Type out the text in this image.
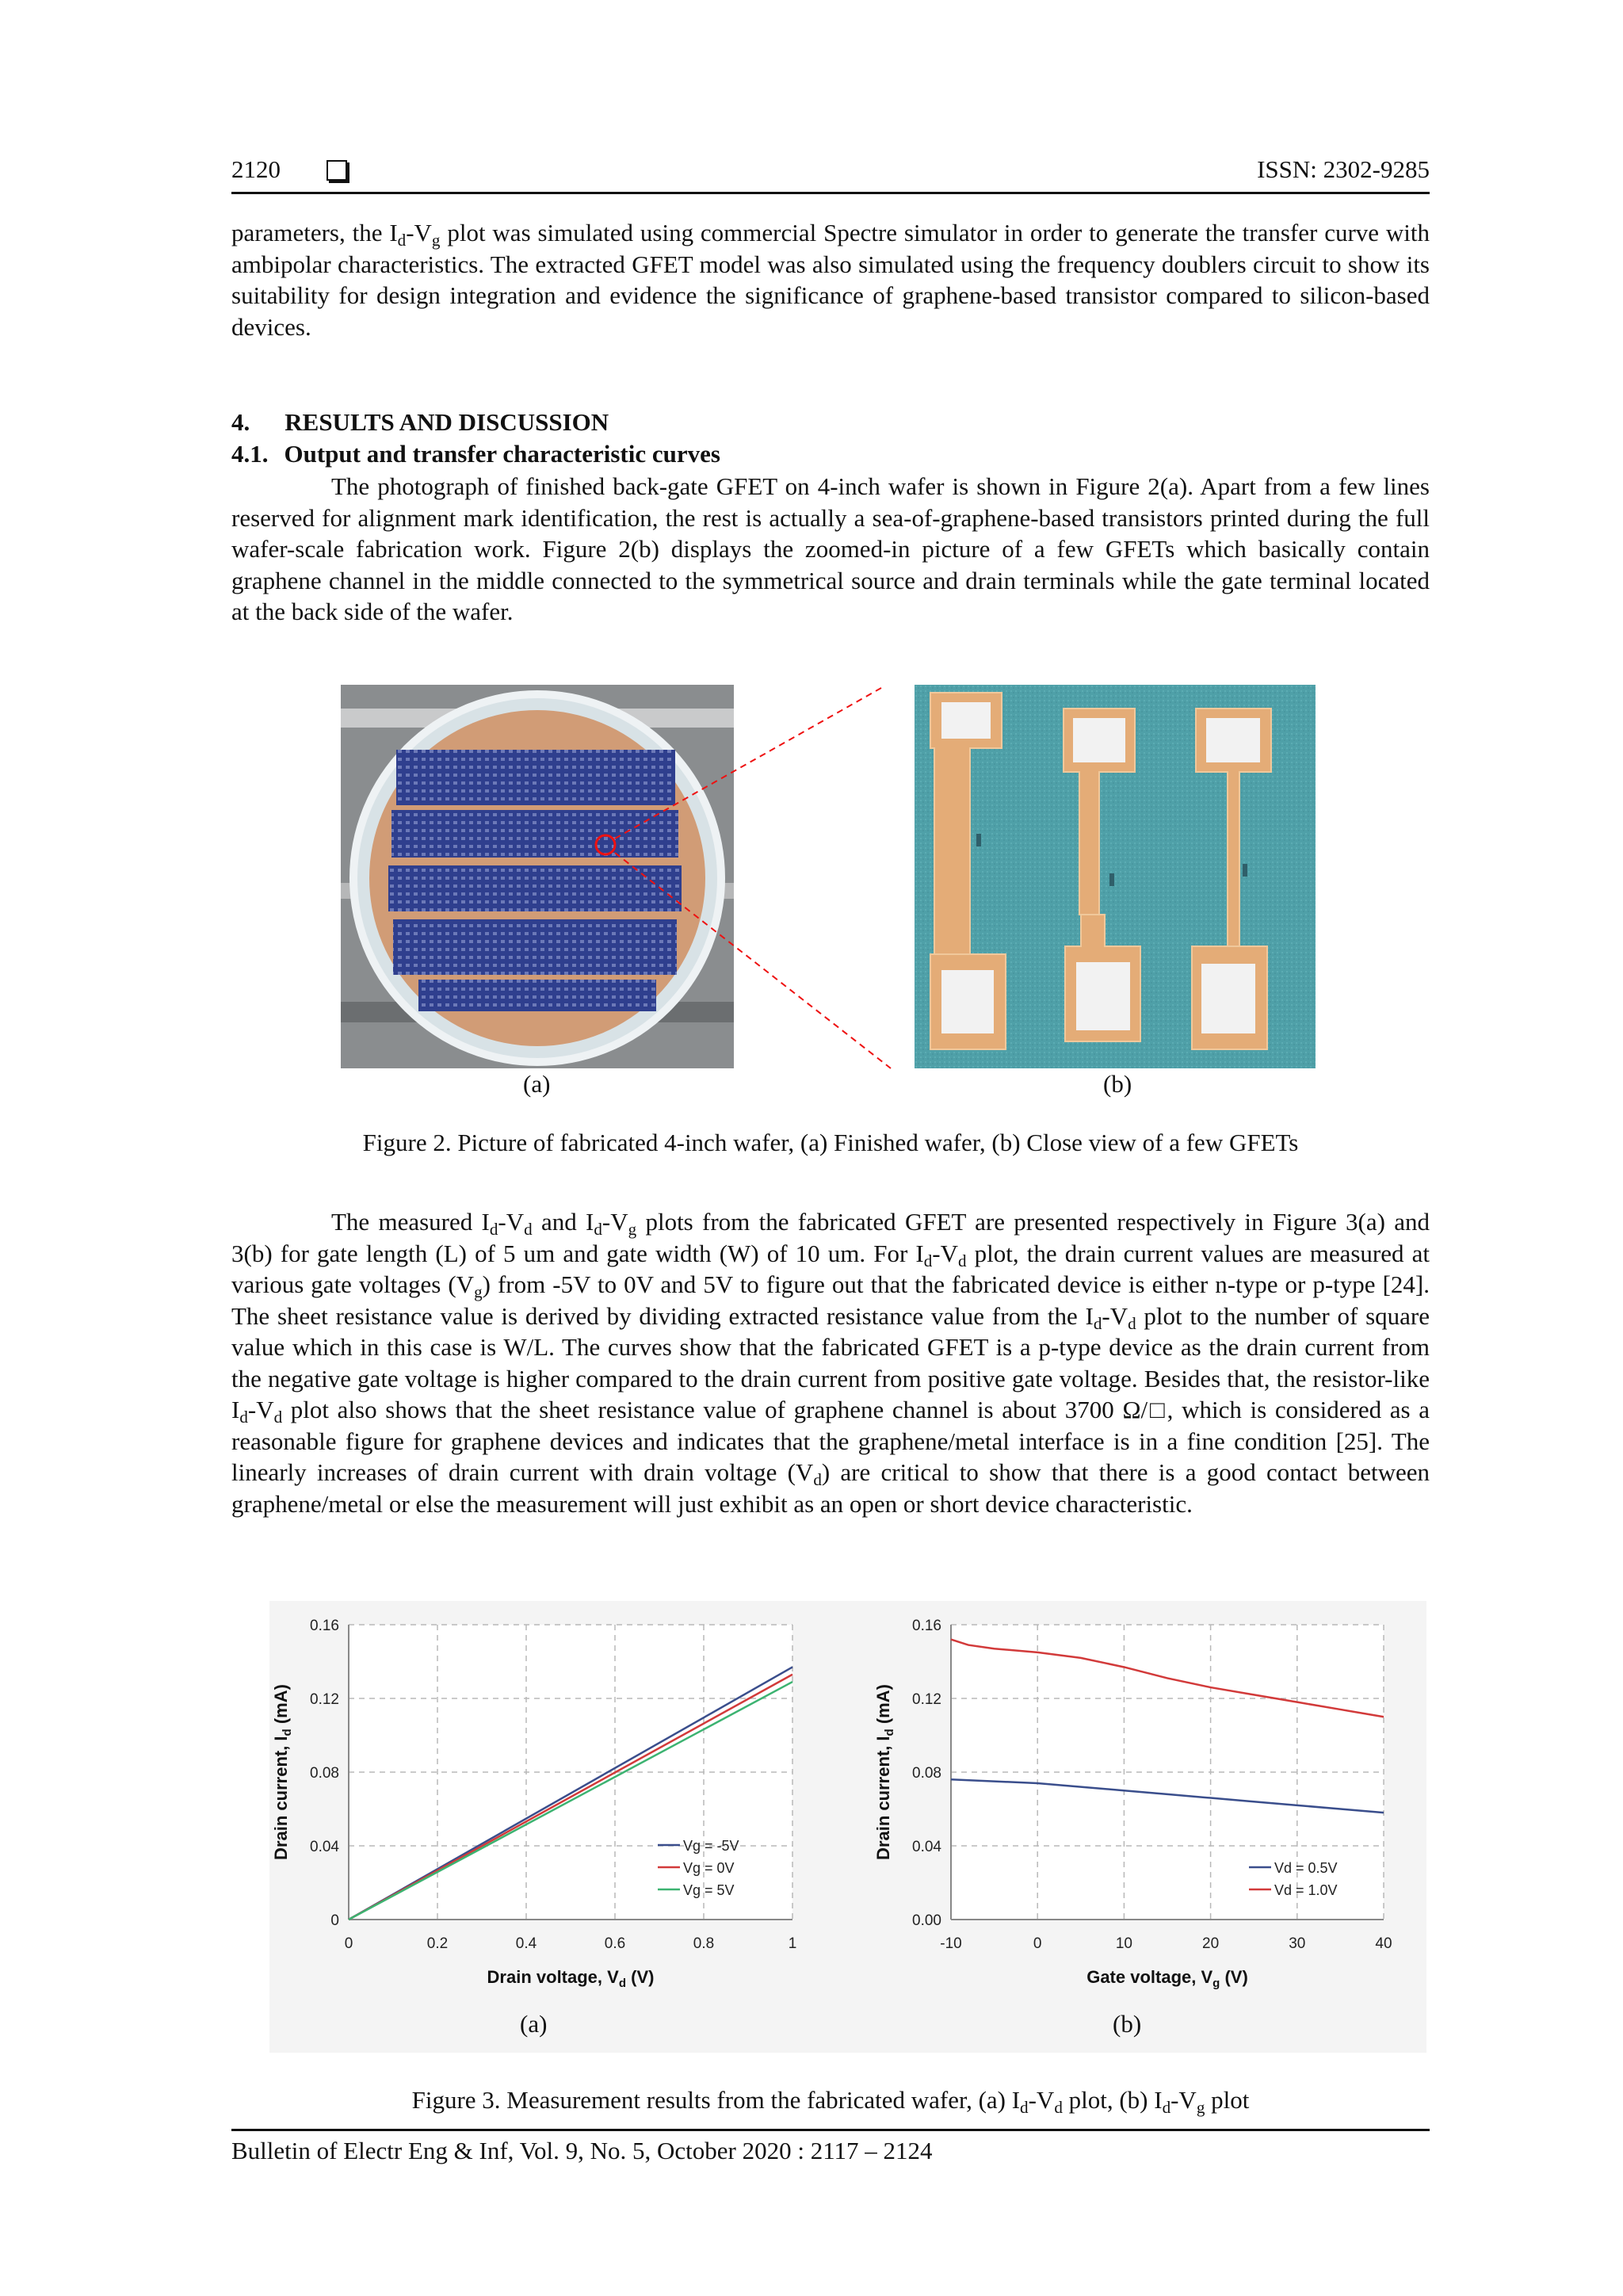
2120	ISSN: 2302-9285

parameters, the $I_d-V_g$ plot was simulated using commercial Spectre simulator in order to generate the transfer curve with ambipolar characteristics. The extracted GFET model was also simulated using the frequency doublers circuit to show its suitability for design integration and evidence the significance of graphene-based transistor compared to silicon-based devices.

4. RESULTS AND DISCUSSION
4.1. Output and transfer characteristic curves

The photograph of finished back-gate GFET on 4-inch wafer is shown in Figure 2(a). Apart from a few lines reserved for alignment mark identification, the rest is actually a sea-of-graphene-based transistors printed during the full wafer-scale fabrication work. Figure 2(b) displays the zoomed-in picture of a few GFETs which basically contain graphene channel in the middle connected to the symmetrical source and drain terminals while the gate terminal located at the back side of the wafer.

(a)	(b)
Figure 2. Picture of fabricated 4-inch wafer, (a) Finished wafer, (b) Close view of a few GFETs

The measured $I_d-V_d$ and $I_d-V_g$ plots from the fabricated GFET are presented respectively in Figure 3(a) and 3(b) for gate length (L) of 5 um and gate width (W) of 10 um. For $I_d-V_d$ plot, the drain current values are measured at various gate voltages $(V_g)$ from -5V to 0V and 5V to figure out that the fabricated device is either n-type or p-type [24]. The sheet resistance value is derived by dividing extracted resistance value from the $I_d-V_d$ plot to the number of square value which in this case is W/L. The curves show that the fabricated GFET is a p-type device as the drain current from the negative gate voltage is higher compared to the drain current from positive gate voltage. Besides that, the resistor-like $I_d-V_d$ plot also shows that the sheet resistance value of graphene channel is about 3700 Ω/□, which is considered as a reasonable figure for graphene devices and indicates that the graphene/metal interface is in a fine condition [25]. The linearly increases of drain current with drain voltage $(V_d)$ are critical to show that there is a good contact between graphene/metal or else the measurement will just exhibit as an open or short device characteristic.

0	0.2	0.4	0.6	0.8	1
0
0.04
0.08
0.12
0.16
Vg = -5V
Vg = 0V
Vg = 5V
Drain voltage, $V_d$ (V)
Drain current, $I_d$ (mA)
-10	0	10	20	30	40
0.00
0.04
0.08
0.12
0.16
Vd = 0.5V
Vd = 1.0V
Gate voltage, $V_g$ (V)
Drain current, $I_d$ (mA)
(a)	(b)
Figure 3. Measurement results from the fabricated wafer, (a) $I_d-V_d$ plot, (b) $I_d-V_g$ plot
Bulletin of Electr Eng & Inf, Vol. 9, No. 5, October 2020 : 2117 – 2124
